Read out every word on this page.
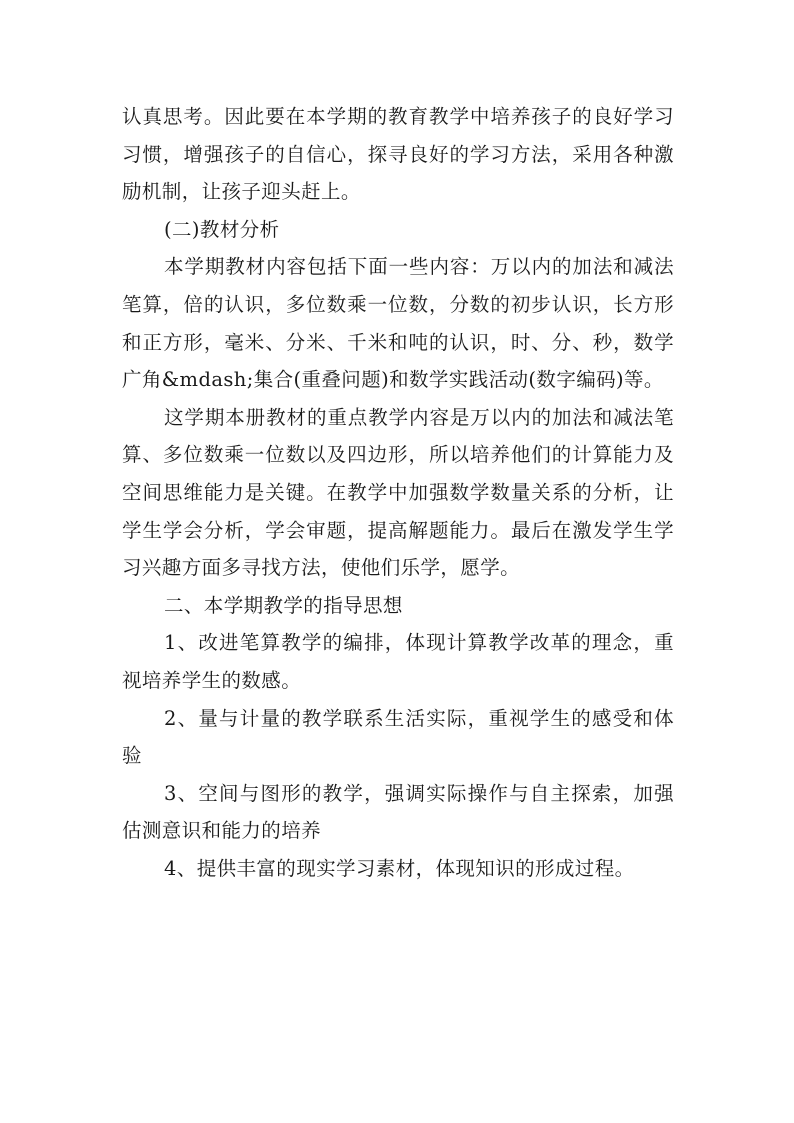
认真思考。因此要在本学期的教育教学中培养孩子的良好学习习惯，增强孩子的自信心，探寻良好的学习方法，采用各种激励机制，让孩子迎头赶上。

(二)教材分析

本学期教材内容包括下面一些内容：万以内的加法和减法笔算，倍的认识，多位数乘一位数，分数的初步认识，长方形和正方形，毫米、分米、千米和吨的认识，时、分、秒，数学广角&mdash;集合(重叠问题)和数学实践活动(数字编码)等。

这学期本册教材的重点教学内容是万以内的加法和减法笔算、多位数乘一位数以及四边形，所以培养他们的计算能力及空间思维能力是关键。在教学中加强数学数量关系的分析，让学生学会分析，学会审题，提高解题能力。最后在激发学生学习兴趣方面多寻找方法，使他们乐学，愿学。

二、本学期教学的指导思想

1、改进笔算教学的编排，体现计算教学改革的理念，重视培养学生的数感。

2、量与计量的教学联系生活实际，重视学生的感受和体验

3、空间与图形的教学，强调实际操作与自主探索，加强估测意识和能力的培养

4、提供丰富的现实学习素材，体现知识的形成过程。
